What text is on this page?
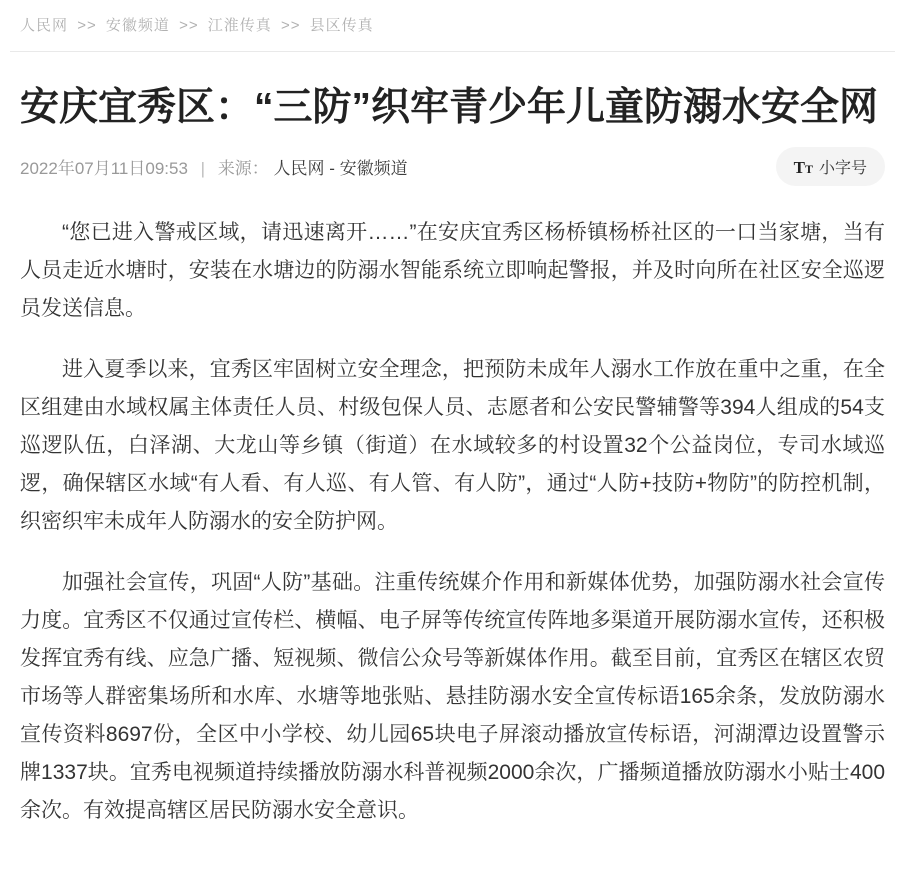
人民网 >> 安徽频道 >> 江淮传真 >> 县区传真
安庆宜秀区：“三防”织牢青少年儿童防溺水安全网
2022年07月11日09:53 | 来源： 人民网 - 安徽频道	TT 小字号

“您已进入警戒区域，请迅速离开……”在安庆宜秀区杨桥镇杨桥社区的一口当家塘，当有人员走近水塘时，安装在水塘边的防溺水智能系统立即响起警报，并及时向所在社区安全巡逻员发送信息。

进入夏季以来，宜秀区牢固树立安全理念，把预防未成年人溺水工作放在重中之重，在全区组建由水域权属主体责任人员、村级包保人员、志愿者和公安民警辅警等394人组成的54支巡逻队伍，白泽湖、大龙山等乡镇（街道）在水域较多的村设置32个公益岗位，专司水域巡逻，确保辖区水域“有人看、有人巡、有人管、有人防”，通过“人防+技防+物防”的防控机制，织密织牢未成年人防溺水的安全防护网。

加强社会宣传，巩固“人防”基础。注重传统媒介作用和新媒体优势，加强防溺水社会宣传力度。宜秀区不仅通过宣传栏、横幅、电子屏等传统宣传阵地多渠道开展防溺水宣传，还积极发挥宜秀有线、应急广播、短视频、微信公众号等新媒体作用。截至目前，宜秀区在辖区农贸市场等人群密集场所和水库、水塘等地张贴、悬挂防溺水安全宣传标语165余条，发放防溺水宣传资料8697份，全区中小学校、幼儿园65块电子屏滚动播放宣传标语，河湖潭边设置警示牌1337块。宜秀电视频道持续播放防溺水科普视频2000余次，广播频道播放防溺水小贴士400余次。有效提高辖区居民防溺水安全意识。
